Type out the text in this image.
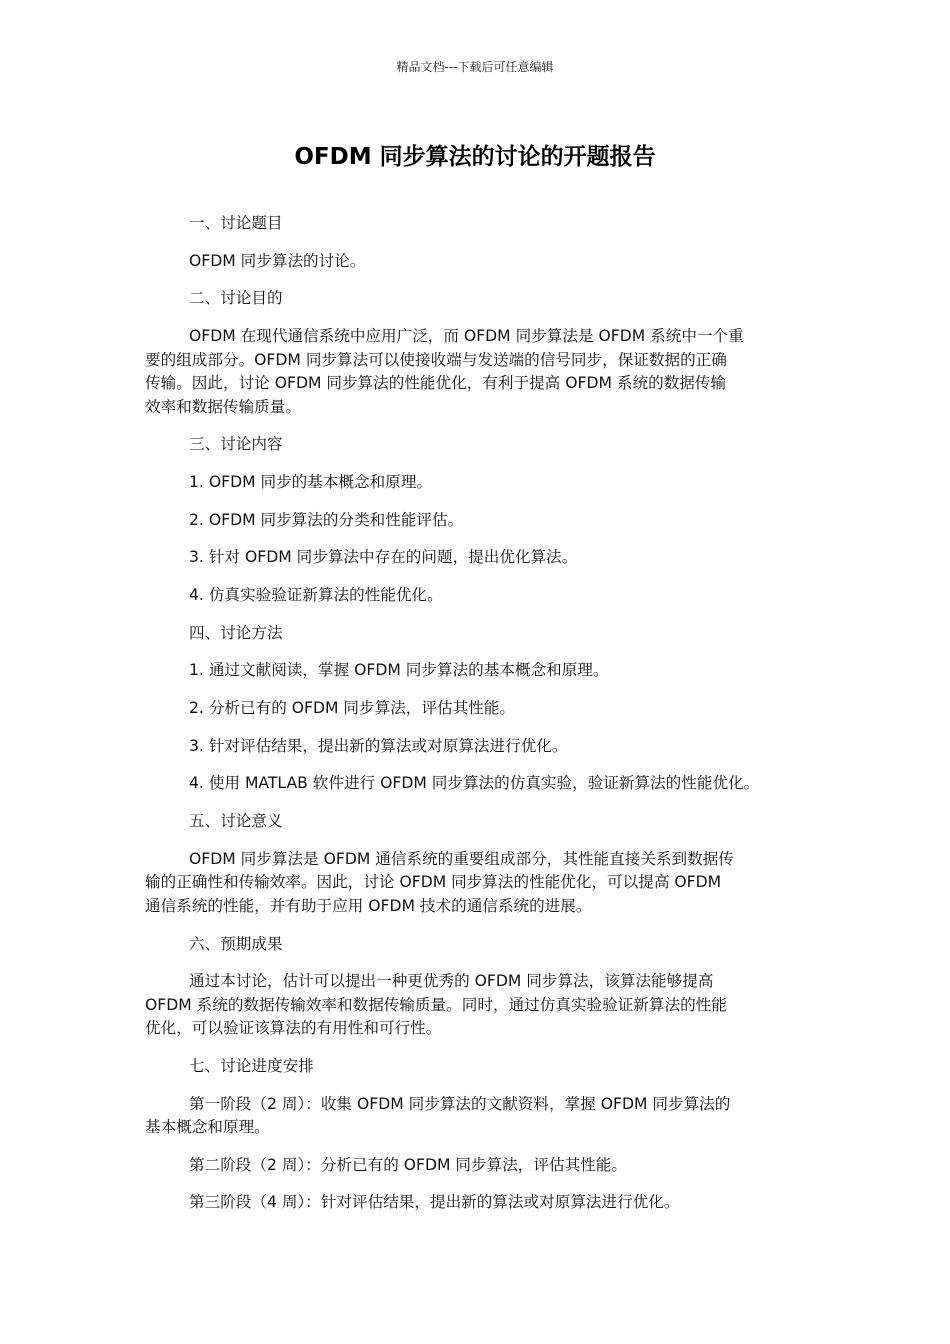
精品文档---下载后可任意编辑
OFDM 同步算法的讨论的开题报告
一、讨论题目
OFDM 同步算法的讨论。
二、讨论目的
OFDM 在现代通信系统中应用广泛，而 OFDM 同步算法是 OFDM 系统中一个重
要的组成部分。OFDM 同步算法可以使接收端与发送端的信号同步，保证数据的正确
传输。因此，讨论 OFDM 同步算法的性能优化，有利于提高 OFDM 系统的数据传输
效率和数据传输质量。
三、讨论内容
1. OFDM 同步的基本概念和原理。
2. OFDM 同步算法的分类和性能评估。
3. 针对 OFDM 同步算法中存在的问题，提出优化算法。
4. 仿真实验验证新算法的性能优化。
四、讨论方法
1. 通过文献阅读，掌握 OFDM 同步算法的基本概念和原理。
2. 分析已有的 OFDM 同步算法，评估其性能。
3. 针对评估结果，提出新的算法或对原算法进行优化。
4. 使用 MATLAB 软件进行 OFDM 同步算法的仿真实验，验证新算法的性能优化。
五、讨论意义
OFDM 同步算法是 OFDM 通信系统的重要组成部分，其性能直接关系到数据传
输的正确性和传输效率。因此，讨论 OFDM 同步算法的性能优化，可以提高 OFDM
通信系统的性能，并有助于应用 OFDM 技术的通信系统的进展。
六、预期成果
通过本讨论，估计可以提出一种更优秀的 OFDM 同步算法，该算法能够提高
OFDM 系统的数据传输效率和数据传输质量。同时，通过仿真实验验证新算法的性能
优化，可以验证该算法的有用性和可行性。
七、讨论进度安排
第一阶段（2 周）：收集 OFDM 同步算法的文献资料，掌握 OFDM 同步算法的
基本概念和原理。
第二阶段（2 周）：分析已有的 OFDM 同步算法，评估其性能。
第三阶段（4 周）：针对评估结果，提出新的算法或对原算法进行优化。
